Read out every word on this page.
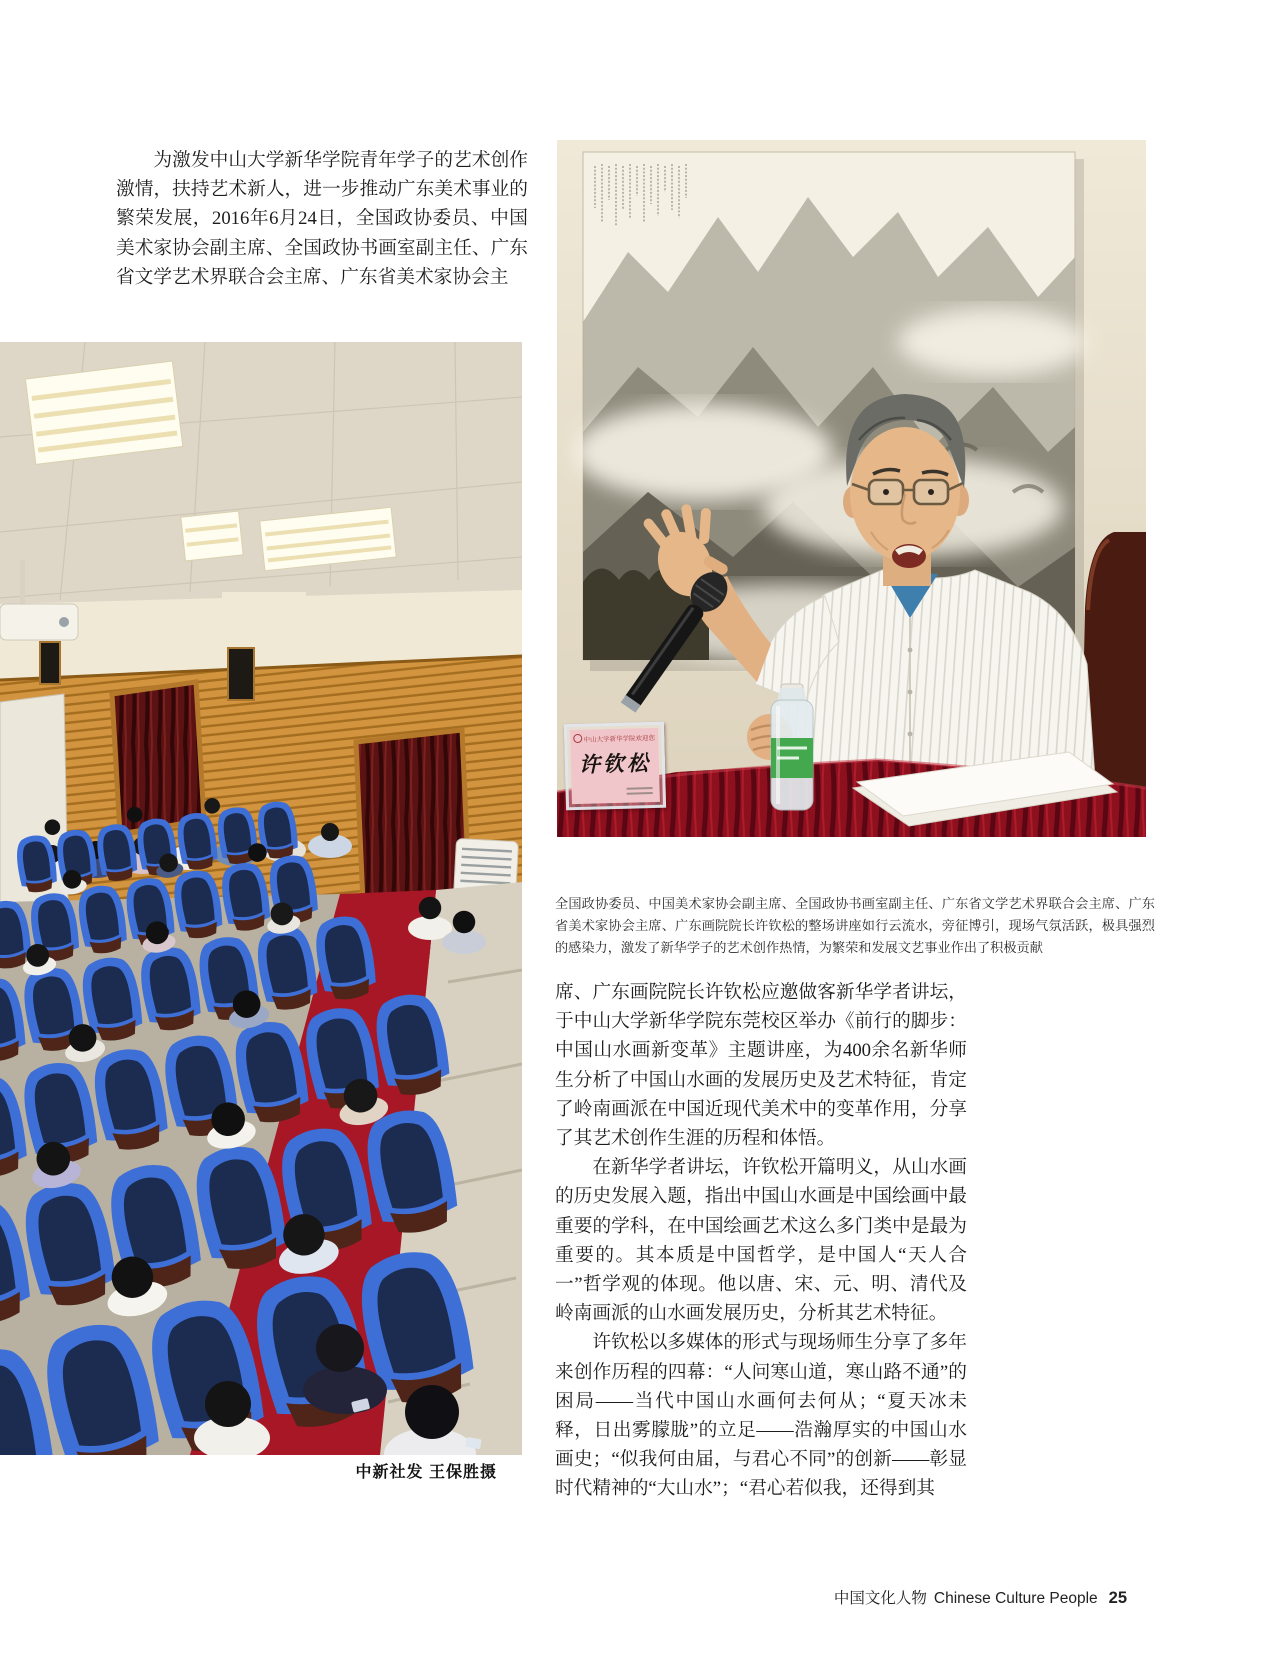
为激发中山大学新华学院青年学子的艺术创作激情，扶持艺术新人，进一步推动广东美术事业的繁荣发展，2016年6月24日，全国政协委员、中国美术家协会副主席、全国政协书画室副主任、广东省文学艺术界联合会主席、广东省美术家协会主

中新社发 王保胜摄
中山大学新华学院欢迎您
许钦松
全国政协委员、中国美术家协会副主席、全国政协书画室副主任、广东省文学艺术界联合会主席、广东省美术家协会主席、广东画院院长许钦松的整场讲座如行云流水，旁征博引，现场气氛活跃，极具强烈的感染力，激发了新华学子的艺术创作热情，为繁荣和发展文艺事业作出了积极贡献

席、广东画院院长许钦松应邀做客新华学者讲坛，于中山大学新华学院东莞校区举办《前行的脚步：中国山水画新变革》主题讲座，为400余名新华师生分析了中国山水画的发展历史及艺术特征，肯定了岭南画派在中国近现代美术中的变革作用，分享了其艺术创作生涯的历程和体悟。

在新华学者讲坛，许钦松开篇明义，从山水画的历史发展入题，指出中国山水画是中国绘画中最重要的学科，在中国绘画艺术这么多门类中是最为重要的。其本质是中国哲学，是中国人“天人合一”哲学观的体现。他以唐、宋、元、明、清代及岭南画派的山水画发展历史，分析其艺术特征。

许钦松以多媒体的形式与现场师生分享了多年来创作历程的四幕：“人问寒山道，寒山路不通”的困局——当代中国山水画何去何从；“夏天冰未释，日出雾朦胧”的立足——浩瀚厚实的中国山水画史；“似我何由届，与君心不同”的创新——彰显时代精神的“大山水”；“君心若似我，还得到其

中国文化人物 Chinese Culture People 25
